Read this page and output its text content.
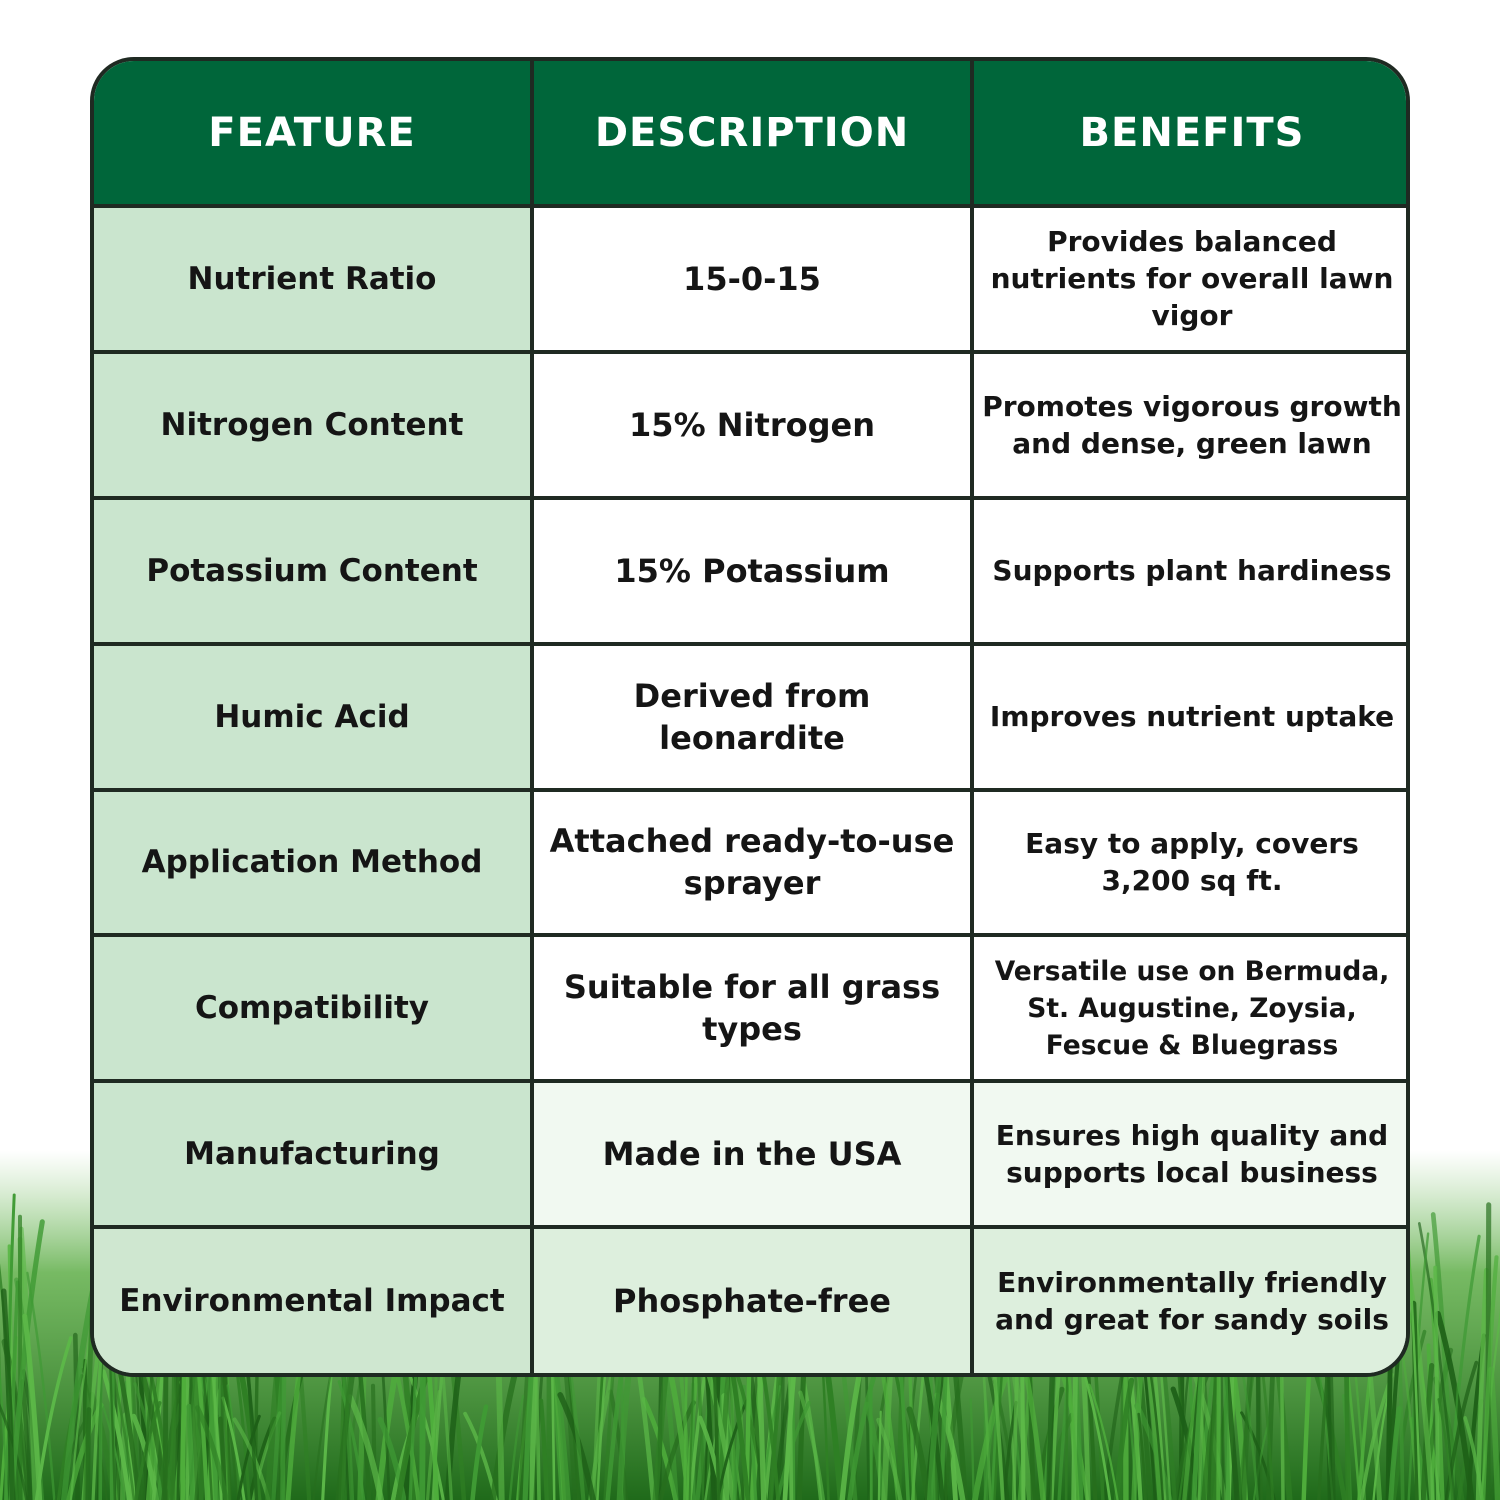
FEATURE	DESCRIPTION	BENEFITS
Nutrient Ratio	15-0-15	Provides balanced nutrients for overall lawn vigor
Nitrogen Content	15% Nitrogen	Promotes vigorous growth and dense, green lawn
Potassium Content	15% Potassium	Supports plant hardiness
Humic Acid	Derived from leonardite	Improves nutrient uptake
Application Method	Attached ready-to-use sprayer	Easy to apply, covers 3,200 sq ft.
Compatibility	Suitable for all grass types	Versatile use on Bermuda, St. Augustine, Zoysia, Fescue & Bluegrass
Manufacturing	Made in the USA	Ensures high quality and supports local business
Environmental Impact	Phosphate-free	Environmentally friendly and great for sandy soils
